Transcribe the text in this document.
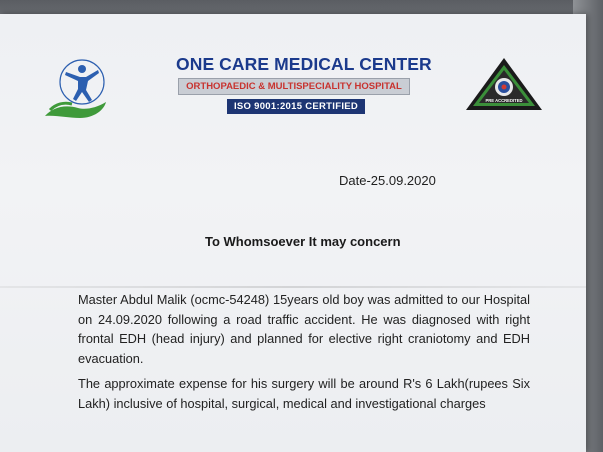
ONE CARE MEDICAL CENTER
ORTHOPAEDIC & MULTISPECIALITY HOSPITAL
ISO 9001:2015 CERTIFIED
PRE ACCREDITED
Date-25.09.2020
To Whomsoever It may concern
Master Abdul Malik (ocmc-54248) 15years old boy was admitted to our Hospital on 24.09.2020 following a road traffic accident. He was diagnosed with right frontal EDH (head injury) and planned for elective right craniotomy and EDH evacuation.
The approximate expense for his surgery will be around R's 6 Lakh(rupees Six Lakh) inclusive of hospital, surgical, medical and investigational charges
